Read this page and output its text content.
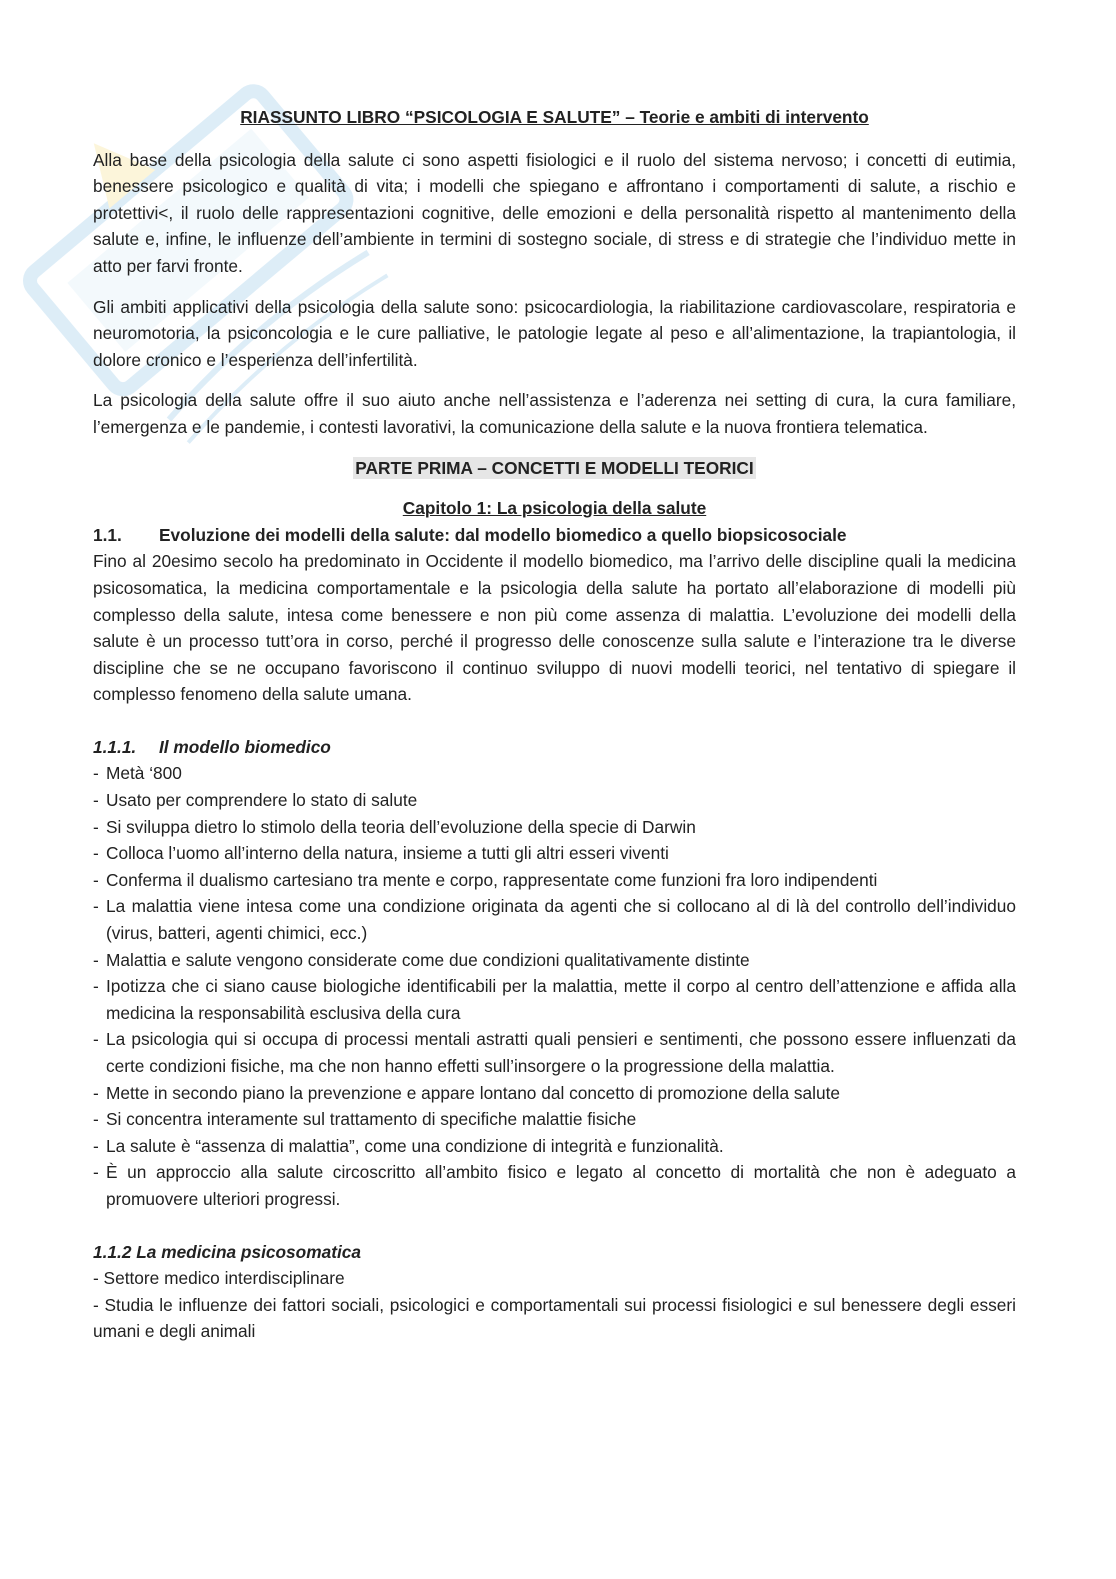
RIASSUNTO LIBRO “PSICOLOGIA E SALUTE” – Teorie e ambiti di intervento

Alla base della psicologia della salute ci sono aspetti fisiologici e il ruolo del sistema nervoso; i concetti di eutimia, benessere psicologico e qualità di vita; i modelli che spiegano e affrontano i comportamenti di salute, a rischio e protettivi<, il ruolo delle rappresentazioni cognitive, delle emozioni e della personalità rispetto al mantenimento della salute e, infine, le influenze dell’ambiente in termini di sostegno sociale, di stress e di strategie che l’individuo mette in atto per farvi fronte.

Gli ambiti applicativi della psicologia della salute sono: psicocardiologia, la riabilitazione cardiovascolare, respiratoria e neuromotoria, la psiconcologia e le cure palliative, le patologie legate al peso e all’alimentazione, la trapiantologia, il dolore cronico e l’esperienza dell’infertilità.

La psicologia della salute offre il suo aiuto anche nell’assistenza e l’aderenza nei setting di cura, la cura familiare, l’emergenza e le pandemie, i contesti lavorativi, la comunicazione della salute e la nuova frontiera telematica.

PARTE PRIMA – CONCETTI E MODELLI TEORICI

Capitolo 1: La psicologia della salute

1.1.	Evoluzione dei modelli della salute: dal modello biomedico a quello biopsicosociale

Fino al 20esimo secolo ha predominato in Occidente il modello biomedico, ma l’arrivo delle discipline quali la medicina psicosomatica, la medicina comportamentale e la psicologia della salute ha portato all’elaborazione di modelli più complesso della salute, intesa come benessere e non più come assenza di malattia. L’evoluzione dei modelli della salute è un processo tutt’ora in corso, perché il progresso delle conoscenze sulla salute e l’interazione tra le diverse discipline che se ne occupano favoriscono il continuo sviluppo di nuovi modelli teorici, nel tentativo di spiegare il complesso fenomeno della salute umana.

1.1.1. Il modello biomedico
- Metà ‘800
- Usato per comprendere lo stato di salute
- Si sviluppa dietro lo stimolo della teoria dell’evoluzione della specie di Darwin
- Colloca l’uomo all’interno della natura, insieme a tutti gli altri esseri viventi
- Conferma il dualismo cartesiano tra mente e corpo, rappresentate come funzioni fra loro indipendenti
- La malattia viene intesa come una condizione originata da agenti che si collocano al di là del controllo dell’individuo (virus, batteri, agenti chimici, ecc.)
- Malattia e salute vengono considerate come due condizioni qualitativamente distinte
- Ipotizza che ci siano cause biologiche identificabili per la malattia, mette il corpo al centro dell’attenzione e affida alla medicina la responsabilità esclusiva della cura
- La psicologia qui si occupa di processi mentali astratti quali pensieri e sentimenti, che possono essere influenzati da certe condizioni fisiche, ma che non hanno effetti sull’insorgere o la progressione della malattia.
- Mette in secondo piano la prevenzione e appare lontano dal concetto di promozione della salute
- Si concentra interamente sul trattamento di specifiche malattie fisiche
- La salute è “assenza di malattia”, come una condizione di integrità e funzionalità.
- È un approccio alla salute circoscritto all’ambito fisico e legato al concetto di mortalità che non è adeguato a promuovere ulteriori progressi.
1.1.2 La medicina psicosomatica

- Settore medico interdisciplinare

- Studia le influenze dei fattori sociali, psicologici e comportamentali sui processi fisiologici e sul benessere degli esseri umani e degli animali
